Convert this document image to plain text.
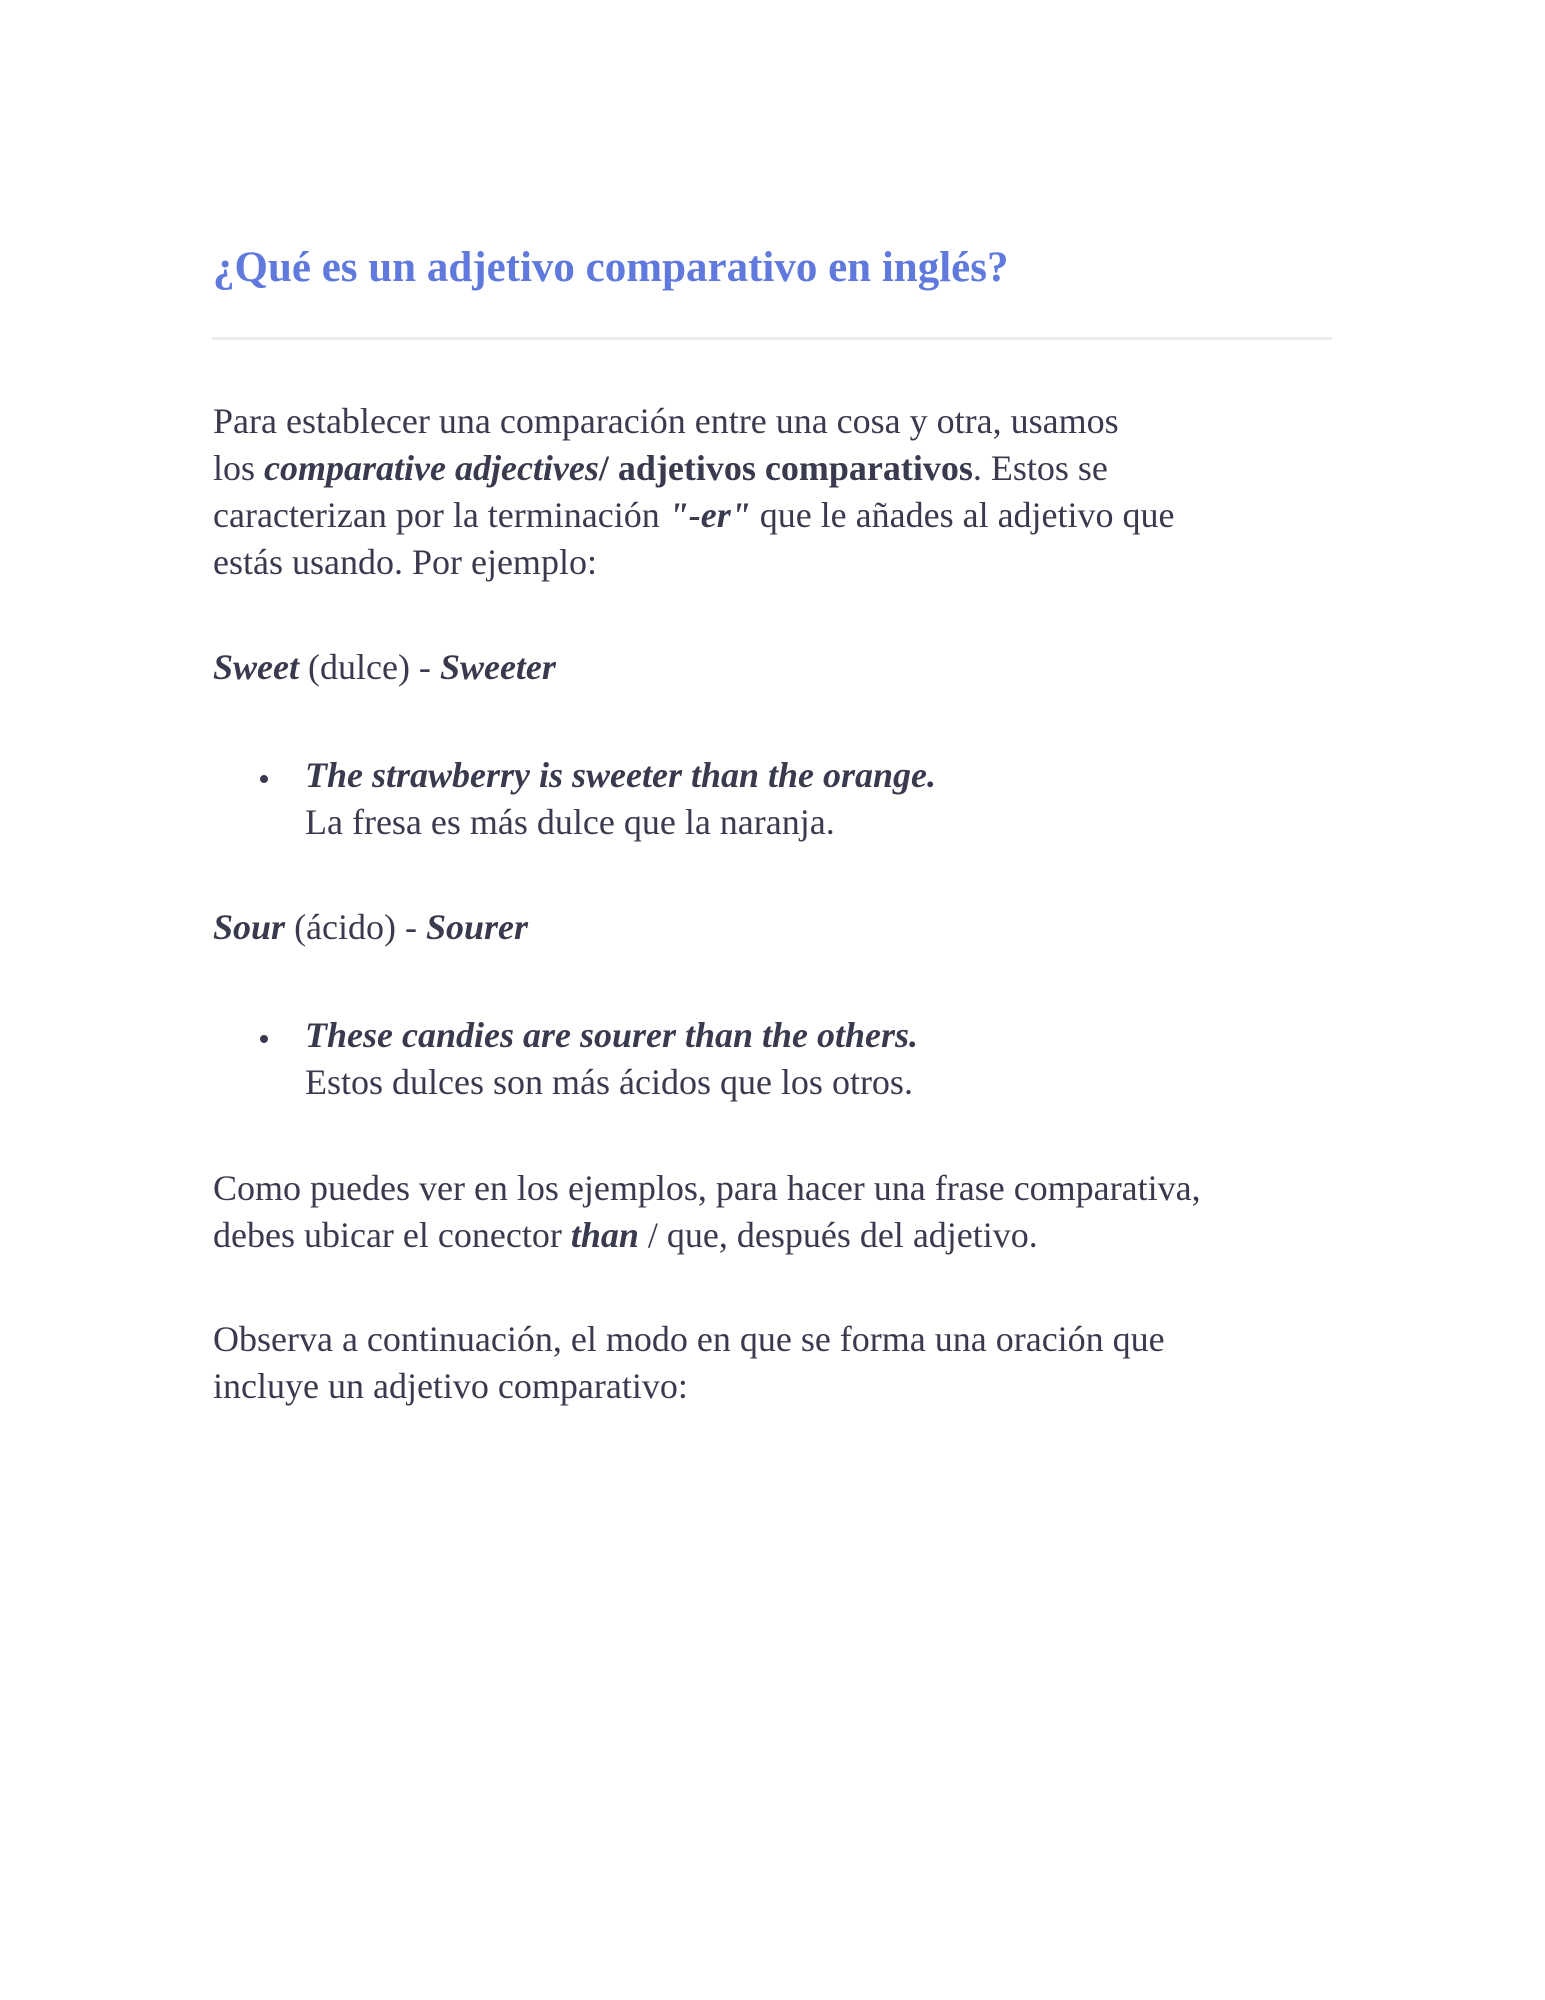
¿Qué es un adjetivo comparativo en inglés?

Para establecer una comparación entre una cosa y otra, usamos
los comparative adjectives/ adjetivos comparativos. Estos se
caracterizan por la terminación "-er" que le añades al adjetivo que
estás usando. Por ejemplo:

Sweet (dulce) - Sweeter

The strawberry is sweeter than the orange.
La fresa es más dulce que la naranja.

Sour (ácido) - Sourer

These candies are sourer than the others.
Estos dulces son más ácidos que los otros.

Como puedes ver en los ejemplos, para hacer una frase comparativa,
debes ubicar el conector than / que, después del adjetivo.

Observa a continuación, el modo en que se forma una oración que
incluye un adjetivo comparativo:
